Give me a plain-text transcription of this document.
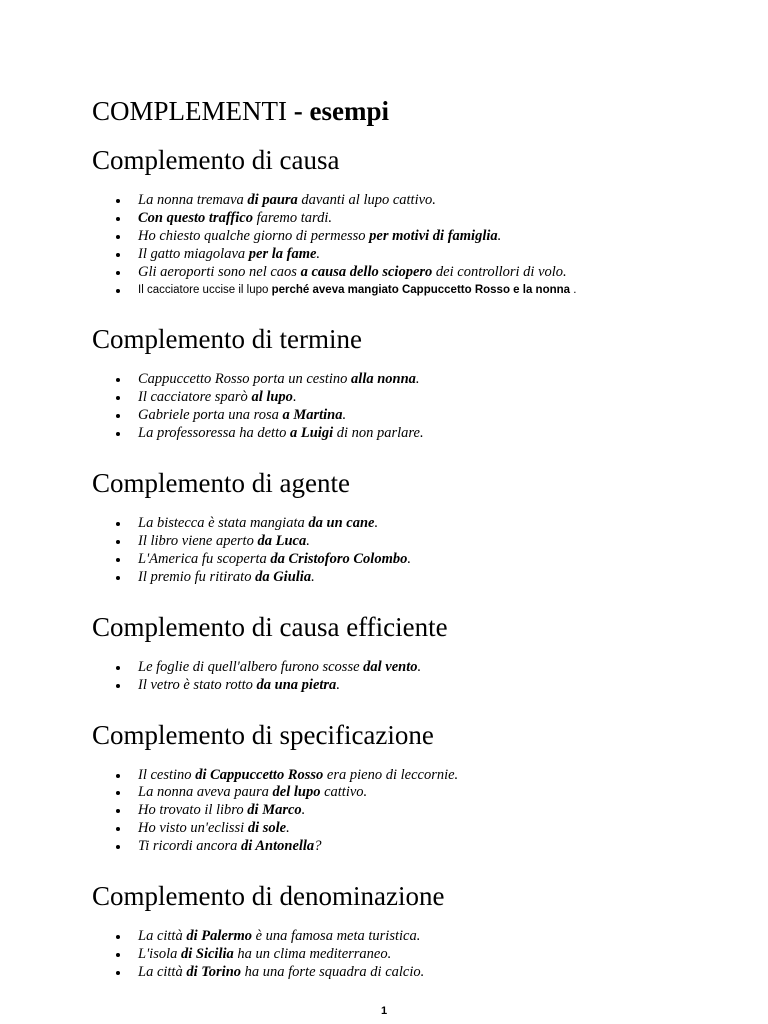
COMPLEMENTI - esempi
Complemento di causa
La nonna tremava di paura davanti al lupo cattivo.
Con questo traffico faremo tardi.
Ho chiesto qualche giorno di permesso per motivi di famiglia.
Il gatto miagolava per la fame.
Gli aeroporti sono nel caos a causa dello sciopero dei controllori di volo.
Il cacciatore uccise il lupo perché aveva mangiato Cappuccetto Rosso e la nonna .
Complemento di termine
Cappuccetto Rosso porta un cestino alla nonna.
Il cacciatore sparò al lupo.
Gabriele porta una rosa a Martina.
La professoressa ha detto a Luigi di non parlare.
Complemento di agente
La bistecca è stata mangiata da un cane.
Il libro viene aperto da Luca.
L'America fu scoperta da Cristoforo Colombo.
Il premio fu ritirato da Giulia.
Complemento di causa efficiente
Le foglie di quell'albero furono scosse dal vento.
Il vetro è stato rotto da una pietra.
Complemento di specificazione
Il cestino di Cappuccetto Rosso era pieno di leccornie.
La nonna aveva paura del lupo cattivo.
Ho trovato il libro di Marco.
Ho visto un'eclissi di sole.
Ti ricordi ancora di Antonella?
Complemento di denominazione
La città di Palermo è una famosa meta turistica.
L'isola di Sicilia ha un clima mediterraneo.
La città di Torino ha una forte squadra di calcio.
1
